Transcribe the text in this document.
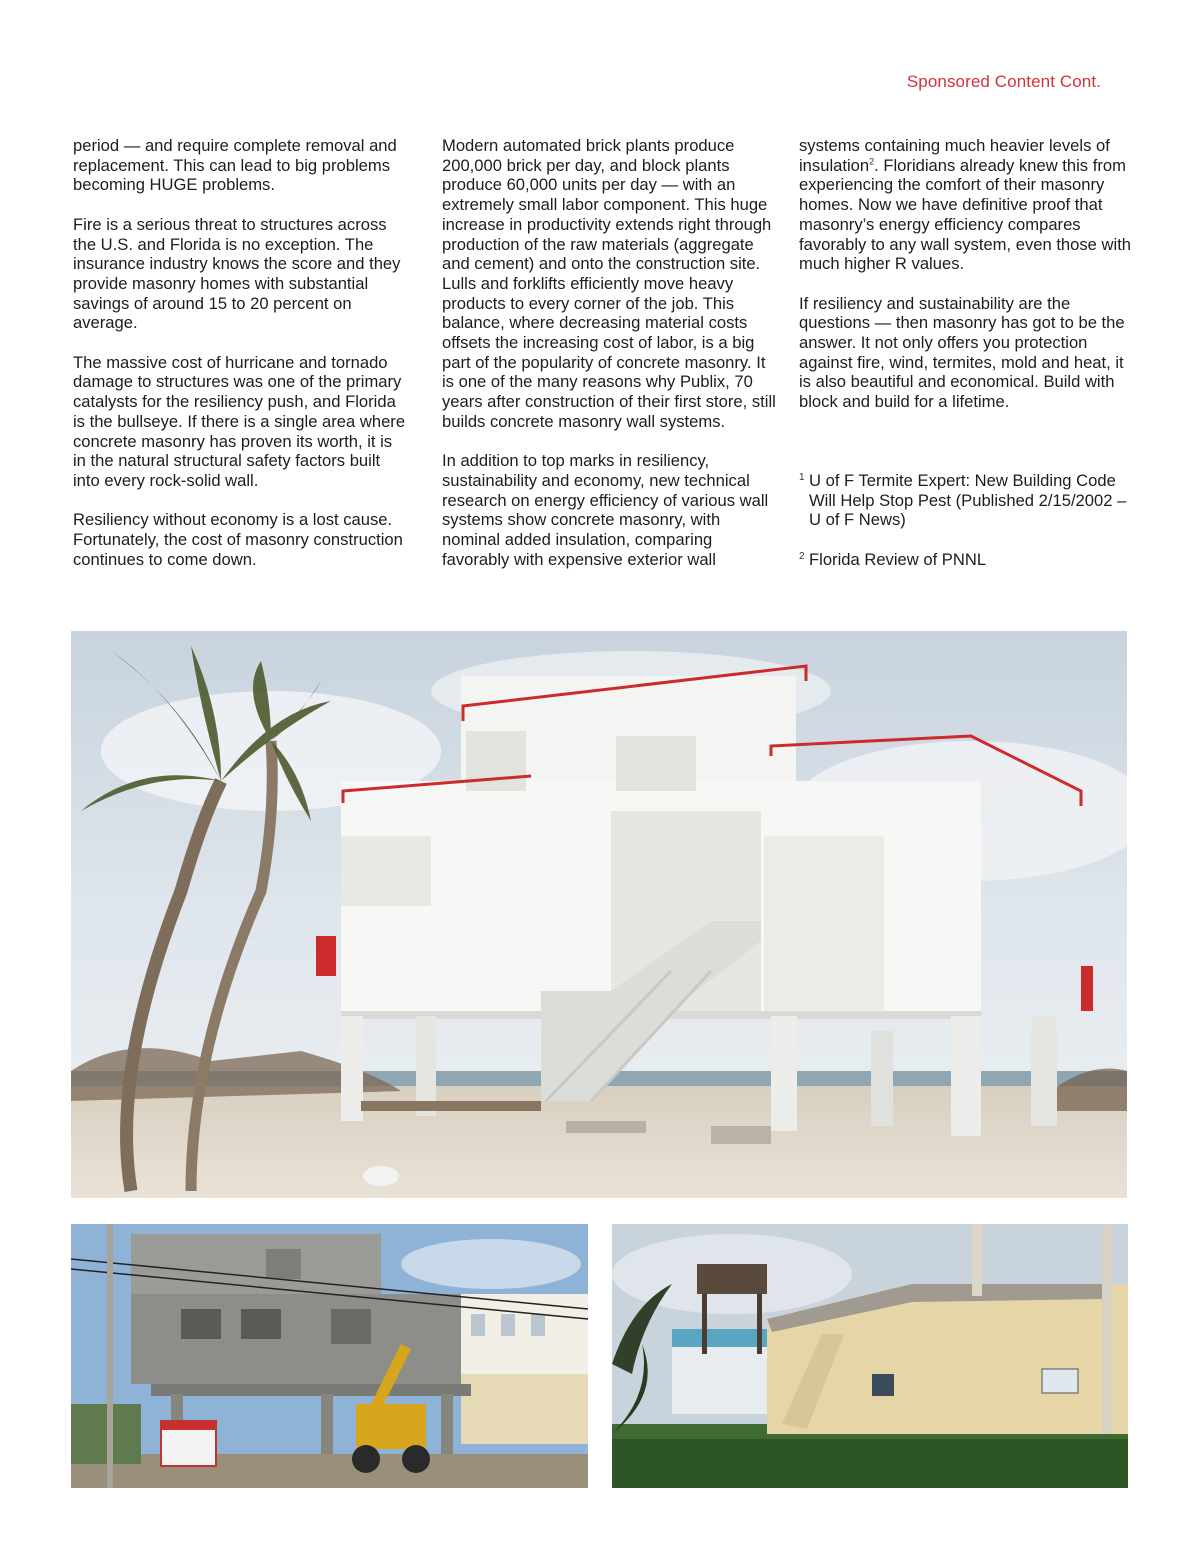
Sponsored Content Cont.

period — and require complete removal and replacement. This can lead to big problems becoming HUGE problems.

Fire is a serious threat to structures across the U.S. and Florida is no exception. The insurance industry knows the score and they provide masonry homes with substantial savings of around 15 to 20 percent on average.

The massive cost of hurricane and tornado damage to structures was one of the primary catalysts for the resiliency push, and Florida is the bullseye. If there is a single area where concrete masonry has proven its worth, it is in the natural structural safety factors built into every rock-solid wall.

Resiliency without economy is a lost cause. Fortunately, the cost of masonry construction continues to come down.

Modern automated brick plants produce 200,000 brick per day, and block plants produce 60,000 units per day — with an extremely small labor component. This huge increase in productivity extends right through production of the raw materials (aggregate and cement) and onto the construction site. Lulls and forklifts efficiently move heavy products to every corner of the job. This balance, where decreasing material costs offsets the increasing cost of labor, is a big part of the popularity of concrete masonry. It is one of the many reasons why Publix, 70 years after construction of their first store, still builds concrete masonry wall systems.

In addition to top marks in resiliency, sustainability and economy, new technical research on energy efficiency of various wall systems show concrete masonry, with nominal added insulation, comparing favorably with expensive exterior wall

systems containing much heavier levels of insulation$^2$. Floridians already knew this from experiencing the comfort of their masonry homes. Now we have definitive proof that masonry’s energy efficiency compares favorably to any wall system, even those with much higher R values.

If resiliency and sustainability are the questions — then masonry has got to be the answer. It not only offers you protection against fire, wind, termites, mold and heat, it is also beautiful and economical. Build with block and build for a lifetime.

1 U of F Termite Expert: New Building Code Will Help Stop Pest (Published 2/15/2002 – U of F News)
2 Florida Review of PNNL
